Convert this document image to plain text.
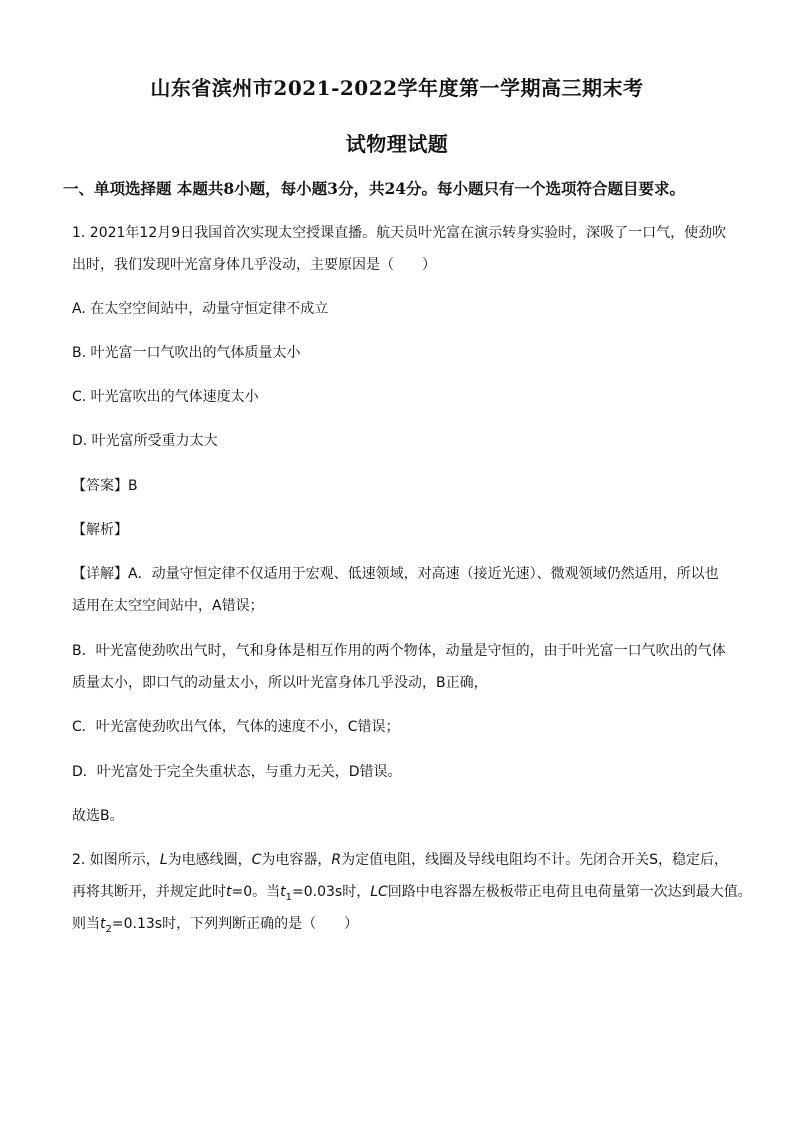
山东省滨州市2021-2022学年度第一学期高三期末考
试物理试题
一、单项选择题 本题共8小题，每小题3分，共24分。每小题只有一个选项符合题目要求。
1. 2021年12月9日我国首次实现太空授课直播。航天员叶光富在演示转身实验时，深吸了一口气，使劲吹
出时，我们发现叶光富身体几乎没动，主要原因是（　　）
A. 在太空空间站中，动量守恒定律不成立
B. 叶光富一口气吹出的气体质量太小
C. 叶光富吹出的气体速度太小
D. 叶光富所受重力太大
【答案】B
【解析】
【详解】A．动量守恒定律不仅适用于宏观、低速领域，对高速（接近光速）、微观领域仍然适用，所以也
适用在太空空间站中，A错误；
B．叶光富使劲吹出气时，气和身体是相互作用的两个物体，动量是守恒的，由于叶光富一口气吹出的气体
质量太小，即口气的动量太小，所以叶光富身体几乎没动，B正确，
C．叶光富使劲吹出气体，气体的速度不小，C错误；
D．叶光富处于完全失重状态，与重力无关，D错误。
故选B。
2. 如图所示，L为电感线圈，C为电容器，R为定值电阻，线圈及导线电阻均不计。先闭合开关S，稳定后，
再将其断开，并规定此时t=0。当$t_1=0.03s$时，LC回路中电容器左极板带正电荷且电荷量第一次达到最大值。
则当$t_2=0.13s$时，下列判断正确的是（　　）
